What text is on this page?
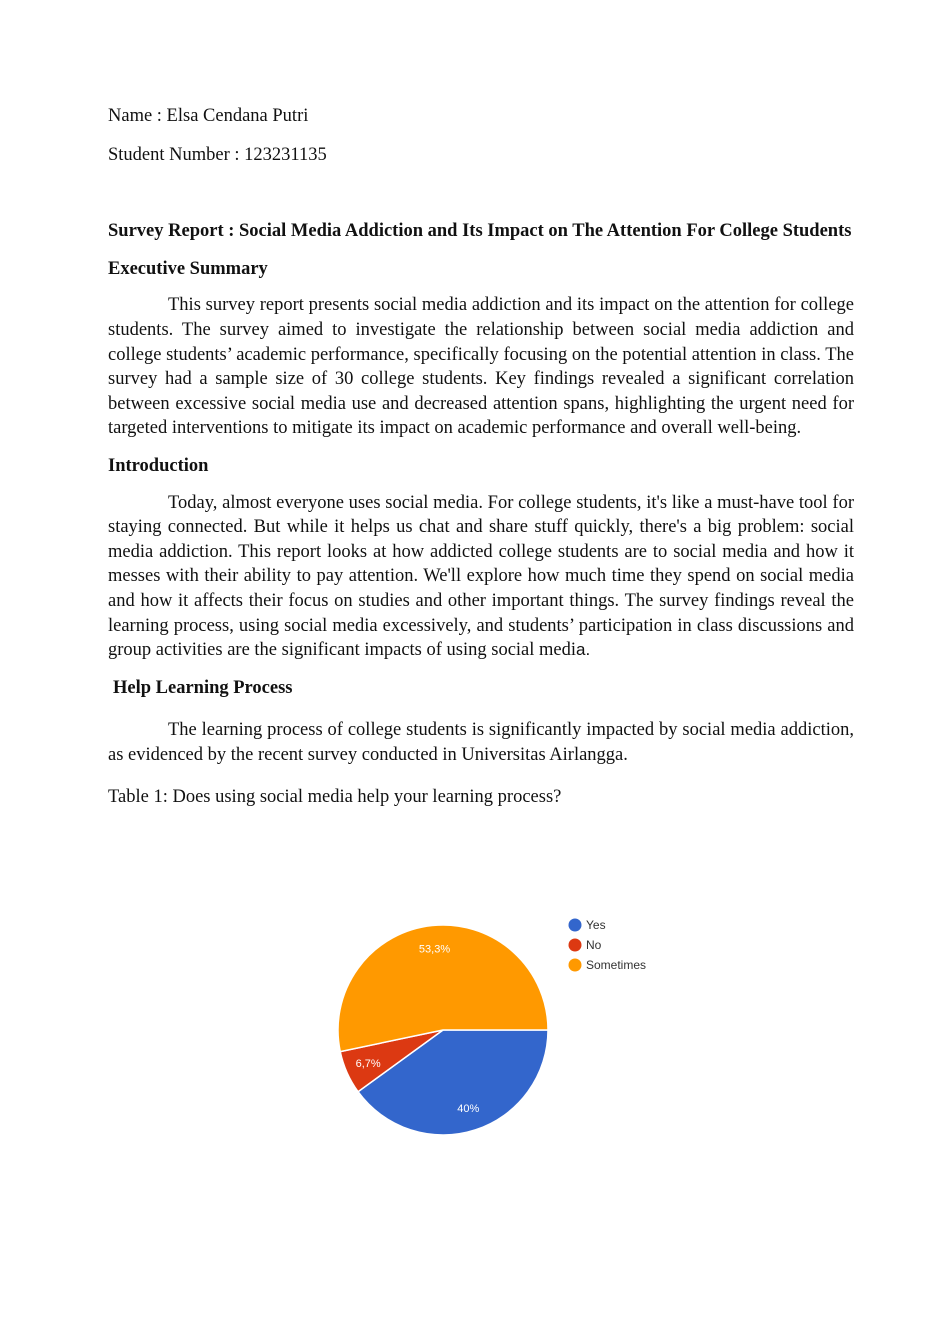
Name : Elsa Cendana Putri

Student Number : 123231135

Survey Report : Social Media Addiction and Its Impact on The Attention For College Students
Executive Summary

This survey report presents social media addiction and its impact on the attention for college students. The survey aimed to investigate the relationship between social media addiction and college students’ academic performance, specifically focusing on the potential attention in class. The survey had a sample size of 30 college students. Key findings revealed a significant correlation between excessive social media use and decreased attention spans, highlighting the urgent need for targeted interventions to mitigate its impact on academic performance and overall well-being.

Introduction

Today, almost everyone uses social media. For college students, it's like a must-have tool for staying connected. But while it helps us chat and share stuff quickly, there's a big problem: social media addiction. This report looks at how addicted college students are to social media and how it messes with their ability to pay attention. We'll explore how much time they spend on social media and how it affects their focus on studies and other important things. The survey findings reveal the learning process, using social media excessively, and students’ participation in class discussions and group activities are the significant impacts of using social media.

Help Learning Process

The learning process of college students is significantly impacted by social media addiction, as evidenced by the recent survey conducted in Universitas Airlangga.

Table 1: Does using social media help your learning process?

40%
6,7%
53,3%
Yes
No
Sometimes
